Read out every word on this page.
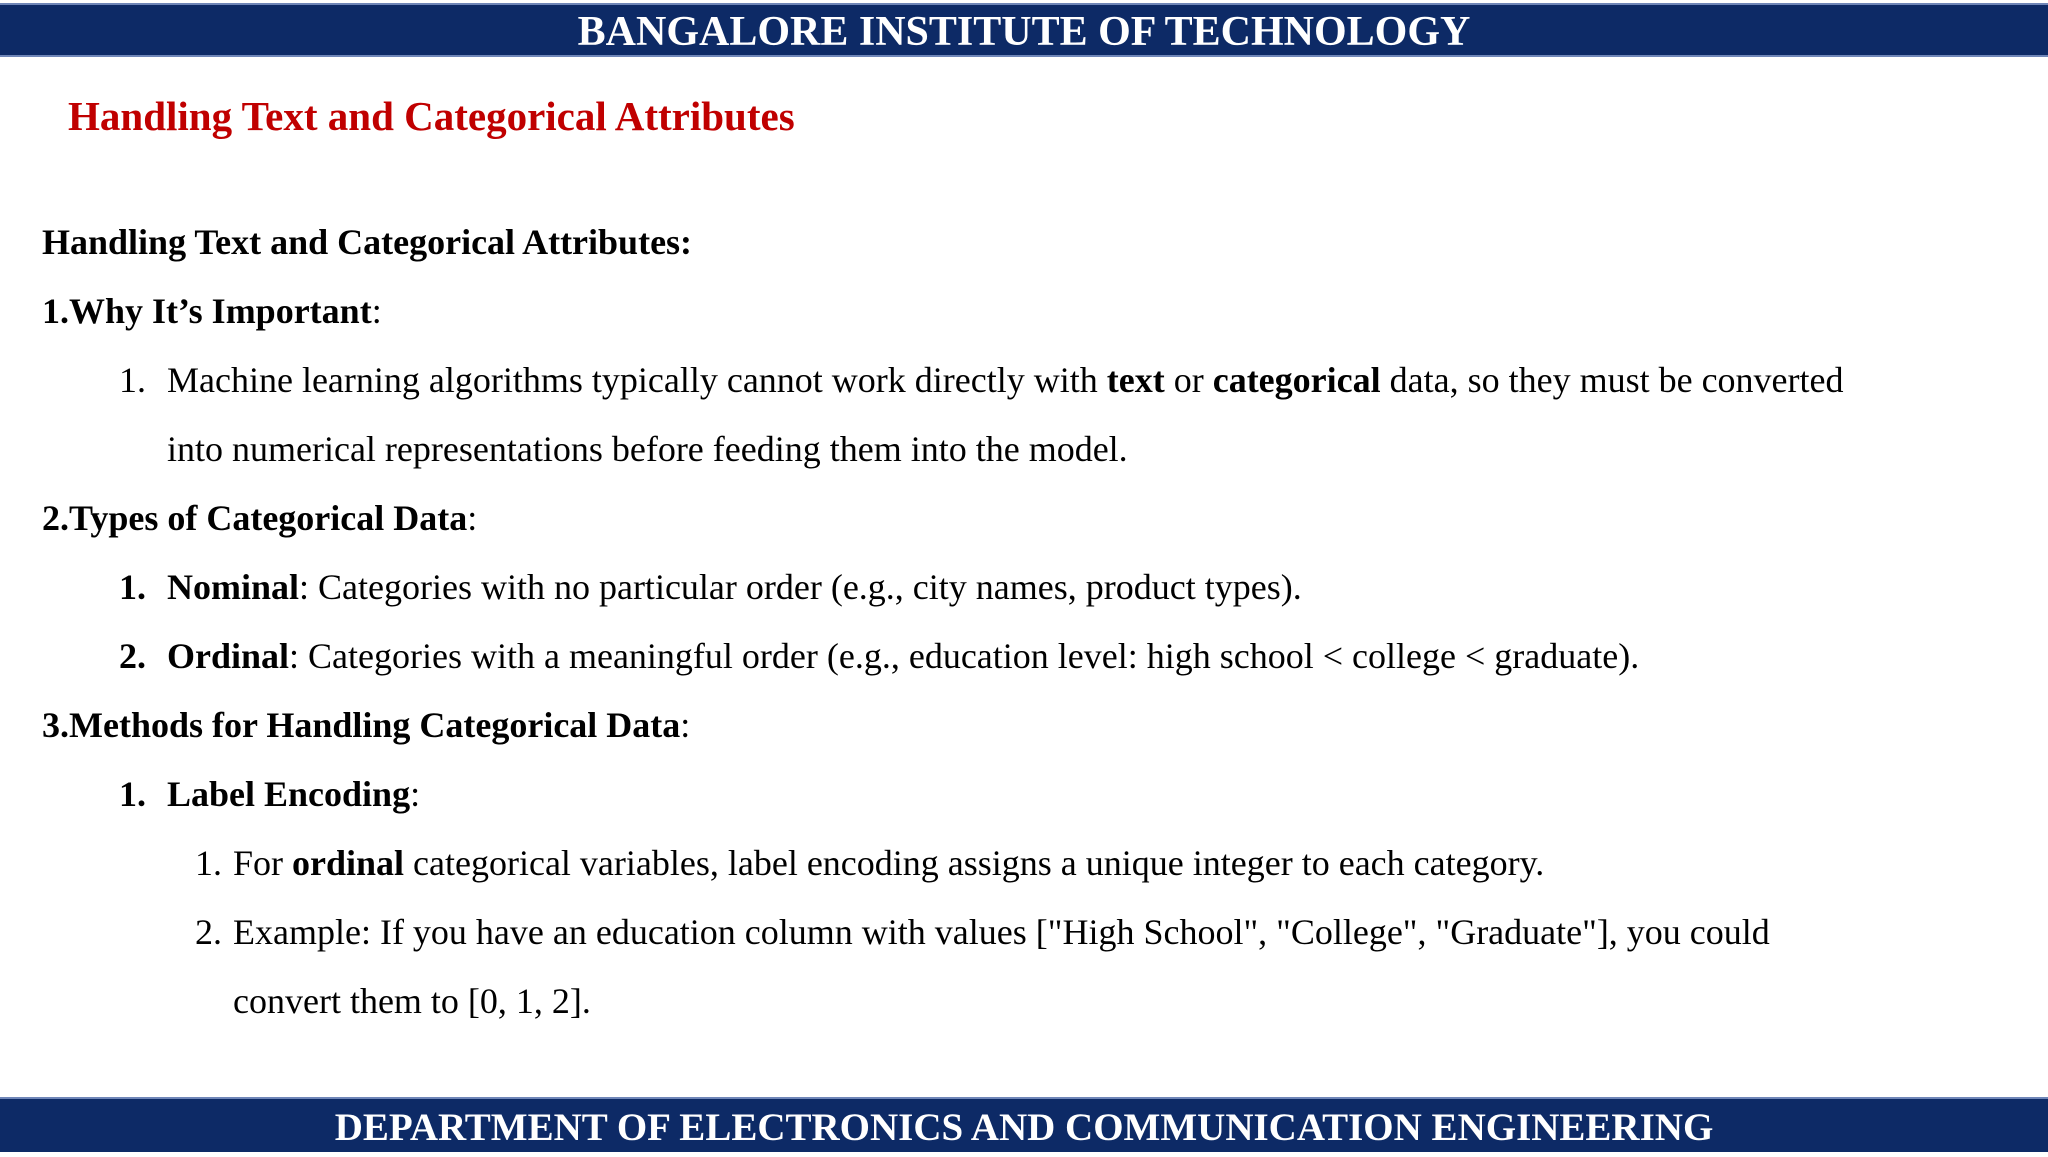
BANGALORE INSTITUTE OF TECHNOLOGY
Handling Text and Categorical Attributes
Handling Text and Categorical Attributes:
1.Why It’s Important:
1. Machine learning algorithms typically cannot work directly with text or categorical data, so they must be converted
into numerical representations before feeding them into the model.
2.Types of Categorical Data:
1. Nominal: Categories with no particular order (e.g., city names, product types).
2. Ordinal: Categories with a meaningful order (e.g., education level: high school < college < graduate).
3.Methods for Handling Categorical Data:
1. Label Encoding:
1. For ordinal categorical variables, label encoding assigns a unique integer to each category.
2. Example: If you have an education column with values ["High School", "College", "Graduate"], you could
convert them to [0, 1, 2].
DEPARTMENT OF ELECTRONICS AND COMMUNICATION ENGINEERING
